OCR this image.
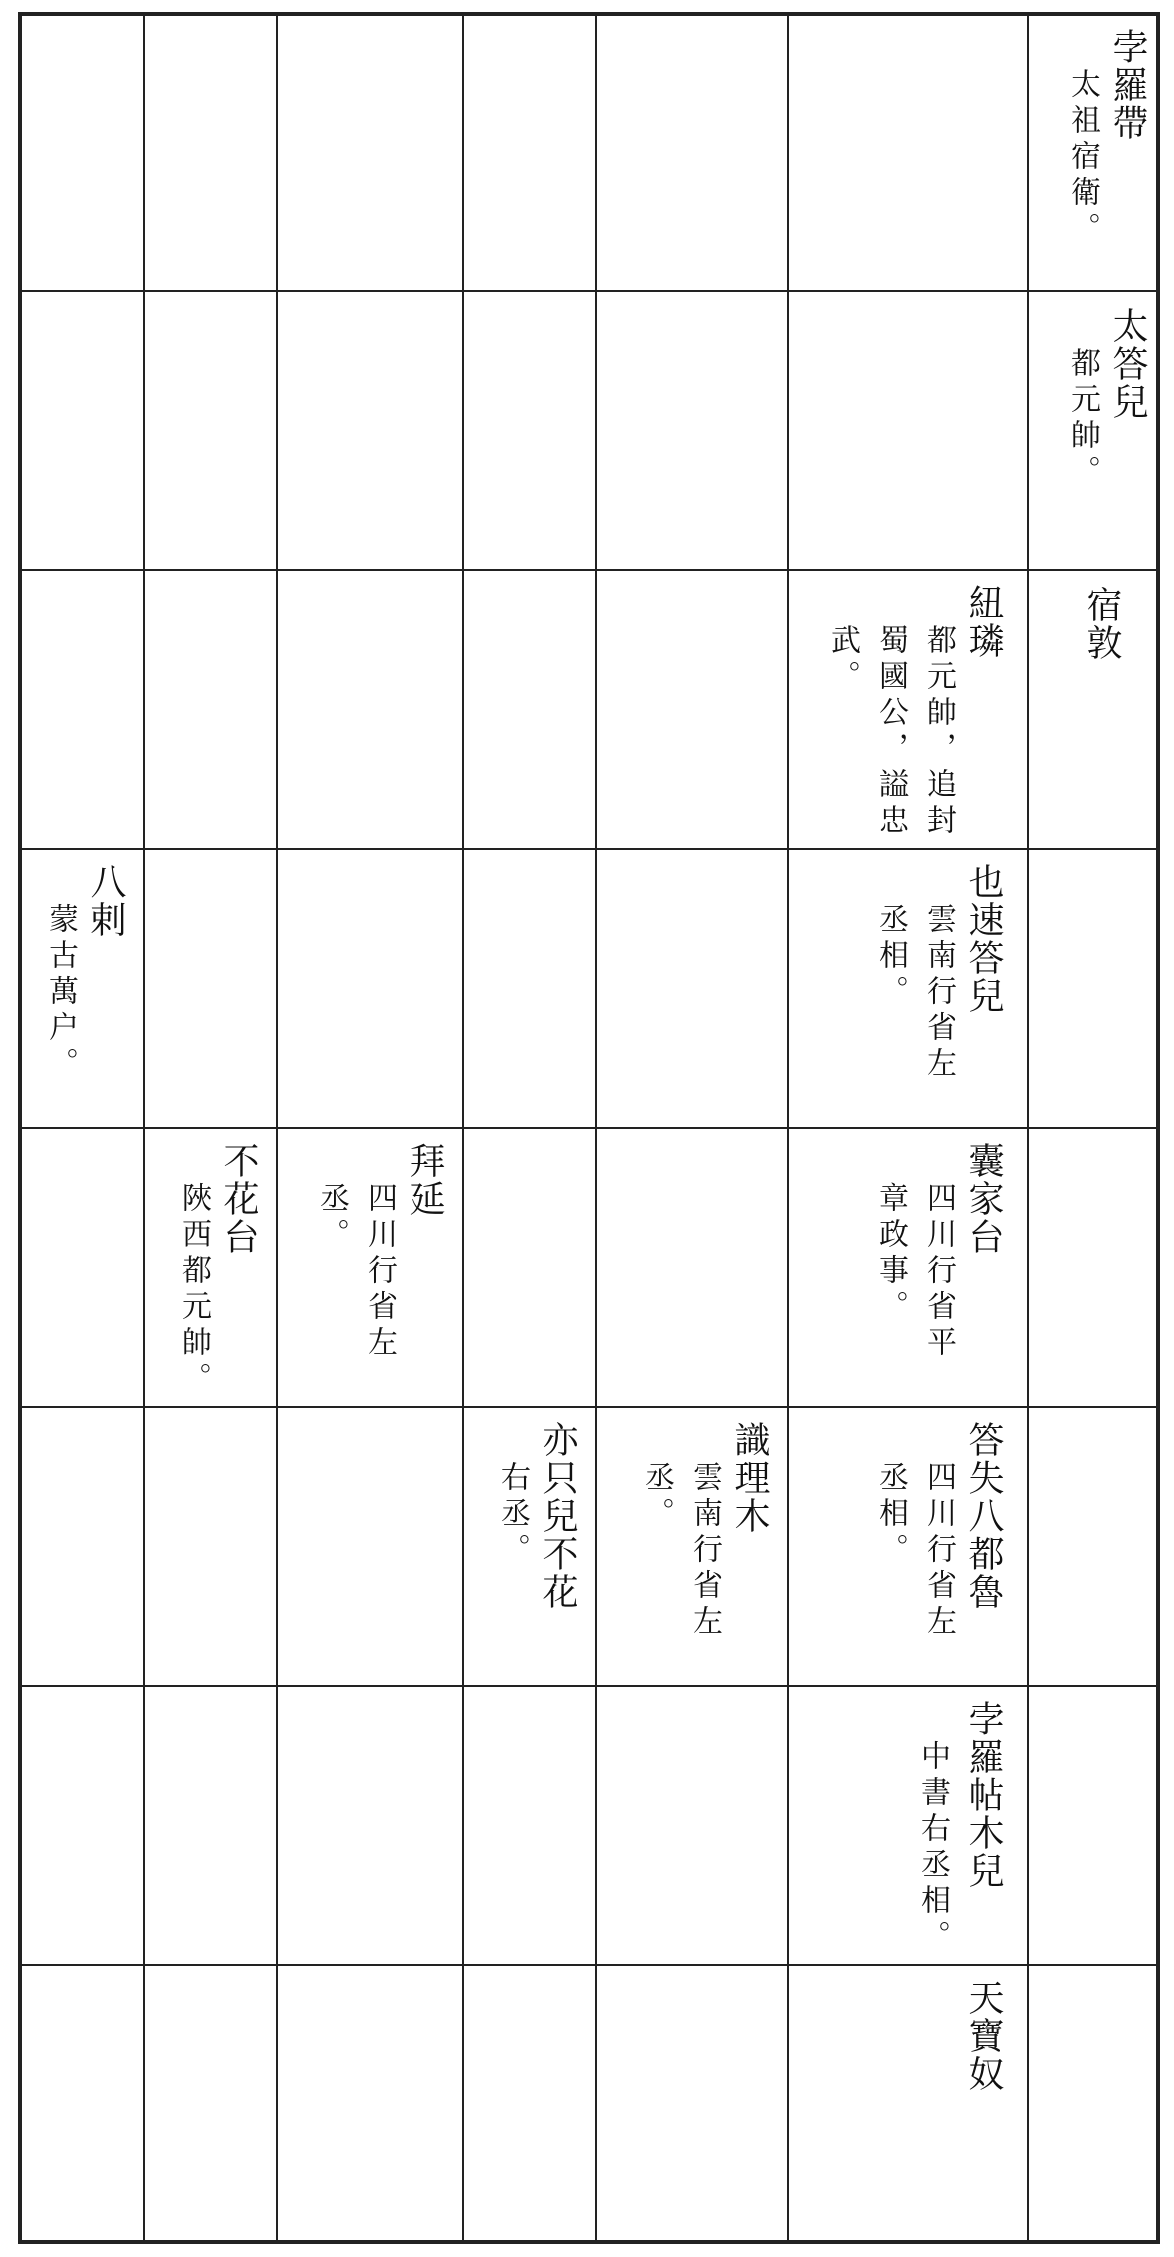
孛羅帶
太祖宿衛。
太答兒
都元帥。
宿敦
紐璘
都元帥，追封
蜀國公，謚忠
武。
也速答兒
雲南行省左
丞相。
八剌
蒙古萬户。
囊家台
四川行省平
章政事。
拜延
四川行省左
丞。
不花台
陜西都元帥。
答失八都魯
四川行省左
丞相。
識理木
雲南行省左
丞。
亦只兒不花
右丞。
孛羅帖木兒
中書右丞相。
天寶奴
